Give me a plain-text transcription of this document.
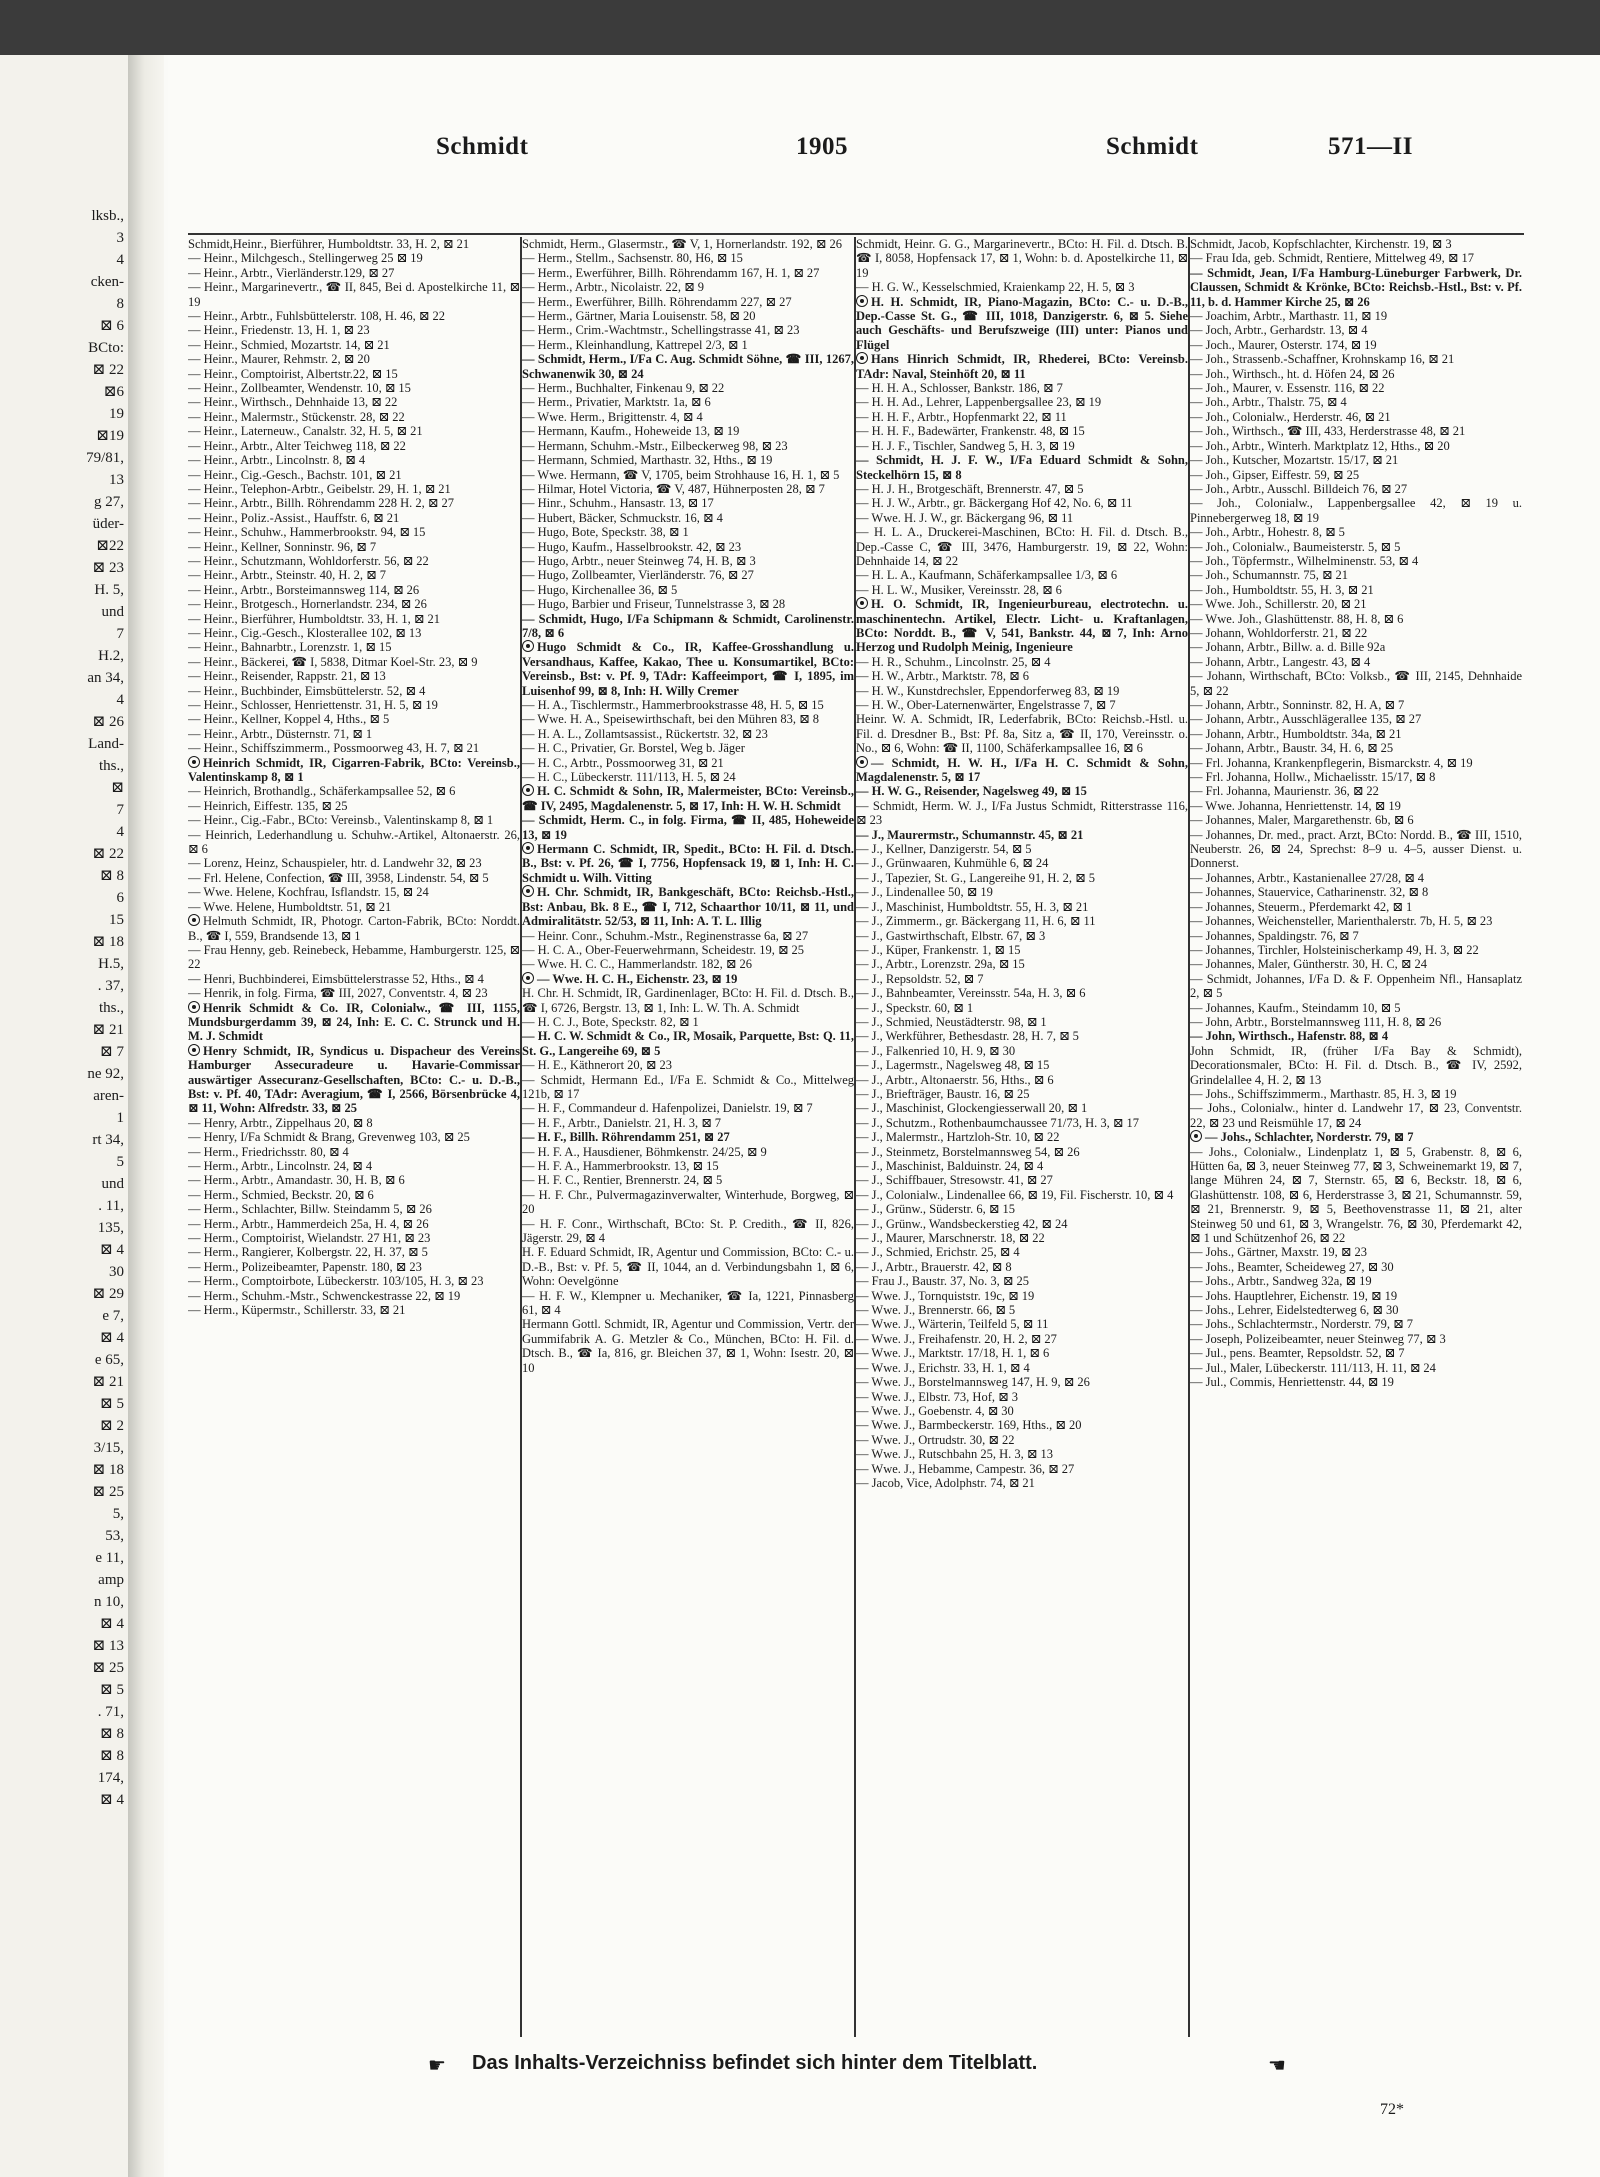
lksb.,
3
4
cken-
8
⊠ 6
BCto:
⊠ 22
⊠6
19
⊠19
79/81,
13
g 27,
üder-
⊠22
⊠ 23
H. 5,
und
7
H.2,
an 34,
4
⊠ 26
Land-
ths.,
⊠
7
4
⊠ 22
⊠ 8
6
15
⊠ 18
H.5,
. 37,
ths.,
⊠ 21
⊠ 7
ne 92,
aren-
1
rt 34,
5
und
. 11,
135,
⊠ 4
30
⊠ 29
e 7,
⊠ 4
e 65,
⊠ 21
⊠ 5
⊠ 2
3/15,
⊠ 18
⊠ 25
5,
53,
e 11,
amp
n 10,
⊠ 4
⊠ 13
⊠ 25
⊠ 5
. 71,
⊠ 8
⊠ 8
174,
⊠ 4
Schmidt	1905	Schmidt	571—II
Schmidt,Heinr., Bierführer, Humboldtstr. 33, H. 2, ⊠ 21
— Heinr., Milchgesch., Stellingerweg 25 ⊠ 19
— Heinr., Arbtr., Vierländerstr.129, ⊠ 27
— Heinr., Margarinevertr., ☎ II, 845, Bei d. Apostelkirche 11, ⊠ 19
— Heinr., Arbtr., Fuhlsbüttelerstr. 108, H. 46, ⊠ 22
— Heinr., Friedenstr. 13, H. 1, ⊠ 23
— Heinr., Schmied, Mozartstr. 14, ⊠ 21
— Heinr., Maurer, Rehmstr. 2, ⊠ 20
— Heinr., Comptoirist, Albertstr.22, ⊠ 15
— Heinr., Zollbeamter, Wendenstr. 10, ⊠ 15
— Heinr., Wirthsch., Dehnhaide 13, ⊠ 22
— Heinr., Malermstr., Stückenstr. 28, ⊠ 22
— Heinr., Laterneuw., Canalstr. 32, H. 5, ⊠ 21
— Heinr., Arbtr., Alter Teichweg 118, ⊠ 22
— Heinr., Arbtr., Lincolnstr. 8, ⊠ 4
— Heinr., Cig.-Gesch., Bachstr. 101, ⊠ 21
— Heinr., Telephon-Arbtr., Geibelstr. 29, H. 1, ⊠ 21
— Heinr., Arbtr., Billh. Röhrendamm 228 H. 2, ⊠ 27
— Heinr., Poliz.-Assist., Hauffstr. 6, ⊠ 21
— Heinr., Schuhw., Hammerbrookstr. 94, ⊠ 15
— Heinr., Kellner, Sonninstr. 96, ⊠ 7
— Heinr., Schutzmann, Wohldorferstr. 56, ⊠ 22
— Heinr., Arbtr., Steinstr. 40, H. 2, ⊠ 7
— Heinr., Arbtr., Borsteimannsweg 114, ⊠ 26
— Heinr., Brotgesch., Hornerlandstr. 234, ⊠ 26
— Heinr., Bierführer, Humboldtstr. 33, H. 1, ⊠ 21
— Heinr., Cig.-Gesch., Klosterallee 102, ⊠ 13
— Heinr., Bahnarbtr., Lorenzstr. 1, ⊠ 15
— Heinr., Bäckerei, ☎ I, 5838, Ditmar Koel-Str. 23, ⊠ 9
— Heinr., Reisender, Rappstr. 21, ⊠ 13
— Heinr., Buchbinder, Eimsbüttelerstr. 52, ⊠ 4
— Heinr., Schlosser, Henriettenstr. 31, H. 5, ⊠ 19
— Heinr., Kellner, Koppel 4, Hths., ⊠ 5
— Heinr., Arbtr., Düsternstr. 71, ⊠ 1
— Heinr., Schiffszimmerm., Possmoorweg 43, H. 7, ⊠ 21
Heinrich Schmidt, IR, Cigarren-Fabrik, BCto: Vereinsb., Valentinskamp 8, ⊠ 1
— Heinrich, Brothandlg., Schäferkampsallee 52, ⊠ 6
— Heinrich, Eiffestr. 135, ⊠ 25
— Heinr., Cig.-Fabr., BCto: Vereinsb., Valentinskamp 8, ⊠ 1
— Heinrich, Lederhandlung u. Schuhw.-Artikel, Altonaerstr. 26, ⊠ 6
— Lorenz, Heinz, Schauspieler, htr. d. Landwehr 32, ⊠ 23
— Frl. Helene, Confection, ☎ III, 3958, Lindenstr. 54, ⊠ 5
— Wwe. Helene, Kochfrau, Isflandstr. 15, ⊠ 24
— Wwe. Helene, Humboldtstr. 51, ⊠ 21
Helmuth Schmidt, IR, Photogr. Carton-Fabrik, BCto: Norddt. B., ☎ I, 559, Brandsende 13, ⊠ 1
— Frau Henny, geb. Reinebeck, Hebamme, Hamburgerstr. 125, ⊠ 22
— Henri, Buchbinderei, Eimsbüttelerstrasse 52, Hths., ⊠ 4
— Henrik, in folg. Firma, ☎ III, 2027, Conventstr. 4, ⊠ 23
Henrik Schmidt & Co. IR, Colonialw., ☎ III, 1155, Mundsburgerdamm 39, ⊠ 24, Inh: E. C. C. Strunck und H. M. J. Schmidt
Henry Schmidt, IR, Syndicus u. Dispacheur des Vereins Hamburger Assecuradeure u. Havarie-Commissar auswärtiger Assecuranz-Gesellschaften, BCto: C.- u. D.-B., Bst: v. Pf. 40, TAdr: Averagium, ☎ I, 2566, Börsenbrücke 4, ⊠ 11, Wohn: Alfredstr. 33, ⊠ 25
— Henry, Arbtr., Zippelhaus 20, ⊠ 8
— Henry, I/Fa Schmidt & Brang, Grevenweg 103, ⊠ 25
— Herm., Friedrichsstr. 80, ⊠ 4
— Herm., Arbtr., Lincolnstr. 24, ⊠ 4
— Herm., Arbtr., Amandastr. 30, H. B, ⊠ 6
— Herm., Schmied, Beckstr. 20, ⊠ 6
— Herm., Schlachter, Billw. Steindamm 5, ⊠ 26
— Herm., Arbtr., Hammerdeich 25a, H. 4, ⊠ 26
— Herm., Comptoirist, Wielandstr. 27 H1, ⊠ 23
— Herm., Rangierer, Kolbergstr. 22, H. 37, ⊠ 5
— Herm., Polizeibeamter, Papenstr. 180, ⊠ 23
— Herm., Comptoirbote, Lübeckerstr. 103/105, H. 3, ⊠ 23
— Herm., Schuhm.-Mstr., Schwenckestrasse 22, ⊠ 19
— Herm., Küpermstr., Schillerstr. 33, ⊠ 21
Schmidt, Herm., Glasermstr., ☎ V, 1, Hornerlandstr. 192, ⊠ 26
— Herm., Stellm., Sachsenstr. 80, H6, ⊠ 15
— Herm., Ewerführer, Billh. Röhrendamm 167, H. 1, ⊠ 27
— Herm., Arbtr., Nicolaistr. 22, ⊠ 9
— Herm., Ewerführer, Billh. Röhrendamm 227, ⊠ 27
— Herm., Gärtner, Maria Louisenstr. 58, ⊠ 20
— Herm., Crim.-Wachtmstr., Schellingstrasse 41, ⊠ 23
— Herm., Kleinhandlung, Kattrepel 2/3, ⊠ 1
— Schmidt, Herm., I/Fa C. Aug. Schmidt Söhne, ☎ III, 1267, Schwanenwik 30, ⊠ 24
— Herm., Buchhalter, Finkenau 9, ⊠ 22
— Herm., Privatier, Marktstr. 1a, ⊠ 6
— Wwe. Herm., Brigittenstr. 4, ⊠ 4
— Hermann, Kaufm., Hoheweide 13, ⊠ 19
— Hermann, Schuhm.-Mstr., Eilbeckerweg 98, ⊠ 23
— Hermann, Schmied, Marthastr. 32, Hths., ⊠ 19
— Wwe. Hermann, ☎ V, 1705, beim Strohhause 16, H. 1, ⊠ 5
— Hilmar, Hotel Victoria, ☎ V, 487, Hühnerposten 28, ⊠ 7
— Hinr., Schuhm., Hansastr. 13, ⊠ 17
— Hubert, Bäcker, Schmuckstr. 16, ⊠ 4
— Hugo, Bote, Speckstr. 38, ⊠ 1
— Hugo, Kaufm., Hasselbrookstr. 42, ⊠ 23
— Hugo, Arbtr., neuer Steinweg 74, H. B, ⊠ 3
— Hugo, Zollbeamter, Vierländerstr. 76, ⊠ 27
— Hugo, Kirchenallee 36, ⊠ 5
— Hugo, Barbier und Friseur, Tunnelstrasse 3, ⊠ 28
— Schmidt, Hugo, I/Fa Schipmann & Schmidt, Carolinenstr. 7/8, ⊠ 6
Hugo Schmidt & Co., IR, Kaffee-Grosshandlung u. Versandhaus, Kaffee, Kakao, Thee u. Konsumartikel, BCto: Vereinsb., Bst: v. Pf. 9, TAdr: Kaffeeimport, ☎ I, 1895, im Luisenhof 99, ⊠ 8, Inh: H. Willy Cremer
— H. A., Tischlermstr., Hammerbrookstrasse 48, H. 5, ⊠ 15
— Wwe. H. A., Speisewirthschaft, bei den Mühren 83, ⊠ 8
— H. A. L., Zollamtsassist., Rückertstr. 32, ⊠ 23
— H. C., Privatier, Gr. Borstel, Weg b. Jäger
— H. C., Arbtr., Possmoorweg 31, ⊠ 21
— H. C., Lübeckerstr. 111/113, H. 5, ⊠ 24
H. C. Schmidt & Sohn, IR, Malermeister, BCto: Vereinsb., ☎ IV, 2495, Magdalenenstr. 5, ⊠ 17, Inh: H. W. H. Schmidt
— Schmidt, Herm. C., in folg. Firma, ☎ II, 485, Hoheweide 13, ⊠ 19
Hermann C. Schmidt, IR, Spedit., BCto: H. Fil. d. Dtsch. B., Bst: v. Pf. 26, ☎ I, 7756, Hopfensack 19, ⊠ 1, Inh: H. C. Schmidt u. Wilh. Vitting
H. Chr. Schmidt, IR, Bankgeschäft, BCto: Reichsb.-Hstl., Bst: Anbau, Bk. 8 E., ☎ I, 712, Schaarthor 10/11, ⊠ 11, und Admiralitätstr. 52/53, ⊠ 11, Inh: A. T. L. Illig
— Heinr. Conr., Schuhm.-Mstr., Reginenstrasse 6a, ⊠ 27
— H. C. A., Ober-Feuerwehrmann, Scheidestr. 19, ⊠ 25
— Wwe. H. C. C., Hammerlandstr. 182, ⊠ 26
— Wwe. H. C. H., Eichenstr. 23, ⊠ 19
H. Chr. H. Schmidt, IR, Gardinenlager, BCto: H. Fil. d. Dtsch. B., ☎ I, 6726, Bergstr. 13, ⊠ 1, Inh: L. W. Th. A. Schmidt
— H. C. J., Bote, Speckstr. 82, ⊠ 1
— H. C. W. Schmidt & Co., IR, Mosaik, Parquette, Bst: Q. 11, St. G., Langereihe 69, ⊠ 5
— H. E., Käthnerort 20, ⊠ 23
— Schmidt, Hermann Ed., I/Fa E. Schmidt & Co., Mittelweg 121b, ⊠ 17
— H. F., Commandeur d. Hafenpolizei, Danielstr. 19, ⊠ 7
— H. F., Arbtr., Danielstr. 21, H. 3, ⊠ 7
— H. F., Billh. Röhrendamm 251, ⊠ 27
— H. F. A., Hausdiener, Böhmkenstr. 24/25, ⊠ 9
— H. F. A., Hammerbrookstr. 13, ⊠ 15
— H. F. C., Rentier, Brennerstr. 24, ⊠ 5
— H. F. Chr., Pulvermagazinverwalter, Winterhude, Borgweg, ⊠ 20
— H. F. Conr., Wirthschaft, BCto: St. P. Credith., ☎ II, 826, Jägerstr. 29, ⊠ 4
H. F. Eduard Schmidt, IR, Agentur und Commission, BCto: C.- u. D.-B., Bst: v. Pf. 5, ☎ II, 1044, an d. Verbindungsbahn 1, ⊠ 6, Wohn: Oevelgönne
— H. F. W., Klempner u. Mechaniker, ☎ Ia, 1221, Pinnasberg 61, ⊠ 4
Hermann Gottl. Schmidt, IR, Agentur und Commission, Vertr. der Gummifabrik A. G. Metzler & Co., München, BCto: H. Fil. d. Dtsch. B., ☎ Ia, 816, gr. Bleichen 37, ⊠ 1, Wohn: Isestr. 20, ⊠ 10
Schmidt, Heinr. G. G., Margarinevertr., BCto: H. Fil. d. Dtsch. B. ☎ I, 8058, Hopfensack 17, ⊠ 1, Wohn: b. d. Apostelkirche 11, ⊠ 19
— H. G. W., Kesselschmied, Kraienkamp 22, H. 5, ⊠ 3
H. H. Schmidt, IR, Piano-Magazin, BCto: C.- u. D.-B., Dep.-Casse St. G., ☎ III, 1018, Danzigerstr. 6, ⊠ 5. Siehe auch Geschäfts- und Berufszweige (III) unter: Pianos und Flügel
Hans Hinrich Schmidt, IR, Rhederei, BCto: Vereinsb. TAdr: Naval, Steinhöft 20, ⊠ 11
— H. H. A., Schlosser, Bankstr. 186, ⊠ 7
— H. H. Ad., Lehrer, Lappenbergsallee 23, ⊠ 19
— H. H. F., Arbtr., Hopfenmarkt 22, ⊠ 11
— H. H. F., Badewärter, Frankenstr. 48, ⊠ 15
— H. J. F., Tischler, Sandweg 5, H. 3, ⊠ 19
— Schmidt, H. J. F. W., I/Fa Eduard Schmidt & Sohn, Steckelhörn 15, ⊠ 8
— H. J. H., Brotgeschäft, Brennerstr. 47, ⊠ 5
— H. J. W., Arbtr., gr. Bäckergang Hof 42, No. 6, ⊠ 11
— Wwe. H. J. W., gr. Bäckergang 96, ⊠ 11
— H. L. A., Druckerei-Maschinen, BCto: H. Fil. d. Dtsch. B., Dep.-Casse C, ☎ III, 3476, Hamburgerstr. 19, ⊠ 22, Wohn: Dehnhaide 14, ⊠ 22
— H. L. A., Kaufmann, Schäferkampsallee 1/3, ⊠ 6
— H. L. W., Musiker, Vereinsstr. 28, ⊠ 6
H. O. Schmidt, IR, Ingenieurbureau, electrotechn. u. maschinentechn. Artikel, Electr. Licht- u. Kraftanlagen, BCto: Norddt. B., ☎ V, 541, Bankstr. 44, ⊠ 7, Inh: Arno Herzog und Rudolph Meinig, Ingenieure
— H. R., Schuhm., Lincolnstr. 25, ⊠ 4
— H. W., Arbtr., Marktstr. 78, ⊠ 6
— H. W., Kunstdrechsler, Eppendorferweg 83, ⊠ 19
— H. W., Ober-Laternenwärter, Engelstrasse 7, ⊠ 7
Heinr. W. A. Schmidt, IR, Lederfabrik, BCto: Reichsb.-Hstl. u. Fil. d. Dresdner B., Bst: Pf. 8a, Sitz a, ☎ II, 170, Vereinsstr. o. No., ⊠ 6, Wohn: ☎ II, 1100, Schäferkampsallee 16, ⊠ 6
— Schmidt, H. W. H., I/Fa H. C. Schmidt & Sohn, Magdalenenstr. 5, ⊠ 17
— H. W. G., Reisender, Nagelsweg 49, ⊠ 15
— Schmidt, Herm. W. J., I/Fa Justus Schmidt, Ritterstrasse 116, ⊠ 23
— J., Maurermstr., Schumannstr. 45, ⊠ 21
— J., Kellner, Danzigerstr. 54, ⊠ 5
— J., Grünwaaren, Kuhmühle 6, ⊠ 24
— J., Tapezier, St. G., Langereihe 91, H. 2, ⊠ 5
— J., Lindenallee 50, ⊠ 19
— J., Maschinist, Humboldtstr. 55, H. 3, ⊠ 21
— J., Zimmerm., gr. Bäckergang 11, H. 6, ⊠ 11
— J., Gastwirthschaft, Elbstr. 67, ⊠ 3
— J., Küper, Frankenstr. 1, ⊠ 15
— J., Arbtr., Lorenzstr. 29a, ⊠ 15
— J., Repsoldstr. 52, ⊠ 7
— J., Bahnbeamter, Vereinsstr. 54a, H. 3, ⊠ 6
— J., Speckstr. 60, ⊠ 1
— J., Schmied, Neustädterstr. 98, ⊠ 1
— J., Werkführer, Bethesdastr. 28, H. 7, ⊠ 5
— J., Falkenried 10, H. 9, ⊠ 30
— J., Lagermstr., Nagelsweg 48, ⊠ 15
— J., Arbtr., Altonaerstr. 56, Hths., ⊠ 6
— J., Briefträger, Baustr. 16, ⊠ 25
— J., Maschinist, Glockengiesserwall 20, ⊠ 1
— J., Schutzm., Rothenbaumchaussee 71/73, H. 3, ⊠ 17
— J., Malermstr., Hartzloh-Str. 10, ⊠ 22
— J., Steinmetz, Borstelmannsweg 54, ⊠ 26
— J., Maschinist, Balduinstr. 24, ⊠ 4
— J., Schiffbauer, Stresowstr. 41, ⊠ 27
— J., Colonialw., Lindenallee 66, ⊠ 19, Fil. Fischerstr. 10, ⊠ 4
— J., Grünw., Süderstr. 6, ⊠ 15
— J., Grünw., Wandsbeckerstieg 42, ⊠ 24
— J., Maurer, Marschnerstr. 18, ⊠ 22
— J., Schmied, Erichstr. 25, ⊠ 4
— J., Arbtr., Brauerstr. 42, ⊠ 8
— Frau J., Baustr. 37, No. 3, ⊠ 25
— Wwe. J., Tornquiststr. 19c, ⊠ 19
— Wwe. J., Brennerstr. 66, ⊠ 5
— Wwe. J., Wärterin, Teilfeld 5, ⊠ 11
— Wwe. J., Freihafenstr. 20, H. 2, ⊠ 27
— Wwe. J., Marktstr. 17/18, H. 1, ⊠ 6
— Wwe. J., Erichstr. 33, H. 1, ⊠ 4
— Wwe. J., Borstelmannsweg 147, H. 9, ⊠ 26
— Wwe. J., Elbstr. 73, Hof, ⊠ 3
— Wwe. J., Goebenstr. 4, ⊠ 30
— Wwe. J., Barmbeckerstr. 169, Hths., ⊠ 20
— Wwe. J., Ortrudstr. 30, ⊠ 22
— Wwe. J., Rutschbahn 25, H. 3, ⊠ 13
— Wwe. J., Hebamme, Campestr. 36, ⊠ 27
— Jacob, Vice, Adolphstr. 74, ⊠ 21
Schmidt, Jacob, Kopfschlachter, Kirchenstr. 19, ⊠ 3
— Frau Ida, geb. Schmidt, Rentiere, Mittelweg 49, ⊠ 17
— Schmidt, Jean, I/Fa Hamburg-Lüneburger Farbwerk, Dr. Claussen, Schmidt & Krönke, BCto: Reichsb.-Hstl., Bst: v. Pf. 11, b. d. Hammer Kirche 25, ⊠ 26
— Joachim, Arbtr., Marthastr. 11, ⊠ 19
— Joch, Arbtr., Gerhardstr. 13, ⊠ 4
— Joch., Maurer, Osterstr. 174, ⊠ 19
— Joh., Strassenb.-Schaffner, Krohnskamp 16, ⊠ 21
— Joh., Wirthsch., ht. d. Höfen 24, ⊠ 26
— Joh., Maurer, v. Essenstr. 116, ⊠ 22
— Joh., Arbtr., Thalstr. 75, ⊠ 4
— Joh., Colonialw., Herderstr. 46, ⊠ 21
— Joh., Wirthsch., ☎ III, 433, Herderstrasse 48, ⊠ 21
— Joh., Arbtr., Winterh. Marktplatz 12, Hths., ⊠ 20
— Joh., Kutscher, Mozartstr. 15/17, ⊠ 21
— Joh., Gipser, Eiffestr. 59, ⊠ 25
— Joh., Arbtr., Ausschl. Billdeich 76, ⊠ 27
— Joh., Colonialw., Lappenbergsallee 42, ⊠ 19 u. Pinnebergerweg 18, ⊠ 19
— Joh., Arbtr., Hohestr. 8, ⊠ 5
— Joh., Colonialw., Baumeisterstr. 5, ⊠ 5
— Joh., Töpfermstr., Wilhelminenstr. 53, ⊠ 4
— Joh., Schumannstr. 75, ⊠ 21
— Joh., Humboldtstr. 55, H. 3, ⊠ 21
— Wwe. Joh., Schillerstr. 20, ⊠ 21
— Wwe. Joh., Glashüttenstr. 88, H. 8, ⊠ 6
— Johann, Wohldorferstr. 21, ⊠ 22
— Johann, Arbtr., Billw. a. d. Bille 92a
— Johann, Arbtr., Langestr. 43, ⊠ 4
— Johann, Wirthschaft, BCto: Volksb., ☎ III, 2145, Dehnhaide 5, ⊠ 22
— Johann, Arbtr., Sonninstr. 82, H. A, ⊠ 7
— Johann, Arbtr., Ausschlägerallee 135, ⊠ 27
— Johann, Arbtr., Humboldtstr. 34a, ⊠ 21
— Johann, Arbtr., Baustr. 34, H. 6, ⊠ 25
— Frl. Johanna, Krankenpflegerin, Bismarckstr. 4, ⊠ 19
— Frl. Johanna, Hollw., Michaelisstr. 15/17, ⊠ 8
— Frl. Johanna, Maurienstr. 36, ⊠ 22
— Wwe. Johanna, Henriettenstr. 14, ⊠ 19
— Johannes, Maler, Margarethenstr. 6b, ⊠ 6
— Johannes, Dr. med., pract. Arzt, BCto: Nordd. B., ☎ III, 1510, Neuberstr. 26, ⊠ 24, Sprechst: 8–9 u. 4–5, ausser Dienst. u. Donnerst.
— Johannes, Arbtr., Kastanienallee 27/28, ⊠ 4
— Johannes, Stauervice, Catharinenstr. 32, ⊠ 8
— Johannes, Steuerm., Pferdemarkt 42, ⊠ 1
— Johannes, Weichensteller, Marienthalerstr. 7b, H. 5, ⊠ 23
— Johannes, Spaldingstr. 76, ⊠ 7
— Johannes, Tirchler, Holsteinischerkamp 49, H. 3, ⊠ 22
— Johannes, Maler, Güntherstr. 30, H. C, ⊠ 24
— Schmidt, Johannes, I/Fa D. & F. Oppenheim Nfl., Hansaplatz 2, ⊠ 5
— Johannes, Kaufm., Steindamm 10, ⊠ 5
— John, Arbtr., Borstelmannsweg 111, H. 8, ⊠ 26
— John, Wirthsch., Hafenstr. 88, ⊠ 4
John Schmidt, IR, (früher I/Fa Bay & Schmidt), Decorationsmaler, BCto: H. Fil. d. Dtsch. B., ☎ IV, 2592, Grindelallee 4, H. 2, ⊠ 13
— Johs., Schiffszimmerm., Marthastr. 85, H. 3, ⊠ 19
— Johs., Colonialw., hinter d. Landwehr 17, ⊠ 23, Conventstr. 22, ⊠ 23 und Reismühle 17, ⊠ 24
— Johs., Schlachter, Norderstr. 79, ⊠ 7
— Johs., Colonialw., Lindenplatz 1, ⊠ 5, Grabenstr. 8, ⊠ 6, Hütten 6a, ⊠ 3, neuer Steinweg 77, ⊠ 3, Schweinemarkt 19, ⊠ 7, lange Mühren 24, ⊠ 7, Sternstr. 65, ⊠ 6, Beckstr. 18, ⊠ 6, Glashüttenstr. 108, ⊠ 6, Herderstrasse 3, ⊠ 21, Schumannstr. 59, ⊠ 21, Brennerstr. 9, ⊠ 5, Beethovenstrasse 11, ⊠ 21, alter Steinweg 50 und 61, ⊠ 3, Wrangelstr. 76, ⊠ 30, Pferdemarkt 42, ⊠ 1 und Schützenhof 26, ⊠ 22
— Johs., Gärtner, Maxstr. 19, ⊠ 23
— Johs., Beamter, Scheideweg 27, ⊠ 30
— Johs., Arbtr., Sandweg 32a, ⊠ 19
— Johs. Hauptlehrer, Eichenstr. 19, ⊠ 19
— Johs., Lehrer, Eidelstedterweg 6, ⊠ 30
— Johs., Schlachtermstr., Norderstr. 79, ⊠ 7
— Joseph, Polizeibeamter, neuer Steinweg 77, ⊠ 3
— Jul., pens. Beamter, Repsoldstr. 52, ⊠ 7
— Jul., Maler, Lübeckerstr. 111/113, H. 11, ⊠ 24
— Jul., Commis, Henriettenstr. 44, ⊠ 19
☛ Das Inhalts-Verzeichniss befindet sich hinter dem Titelblatt.	☚
72*
